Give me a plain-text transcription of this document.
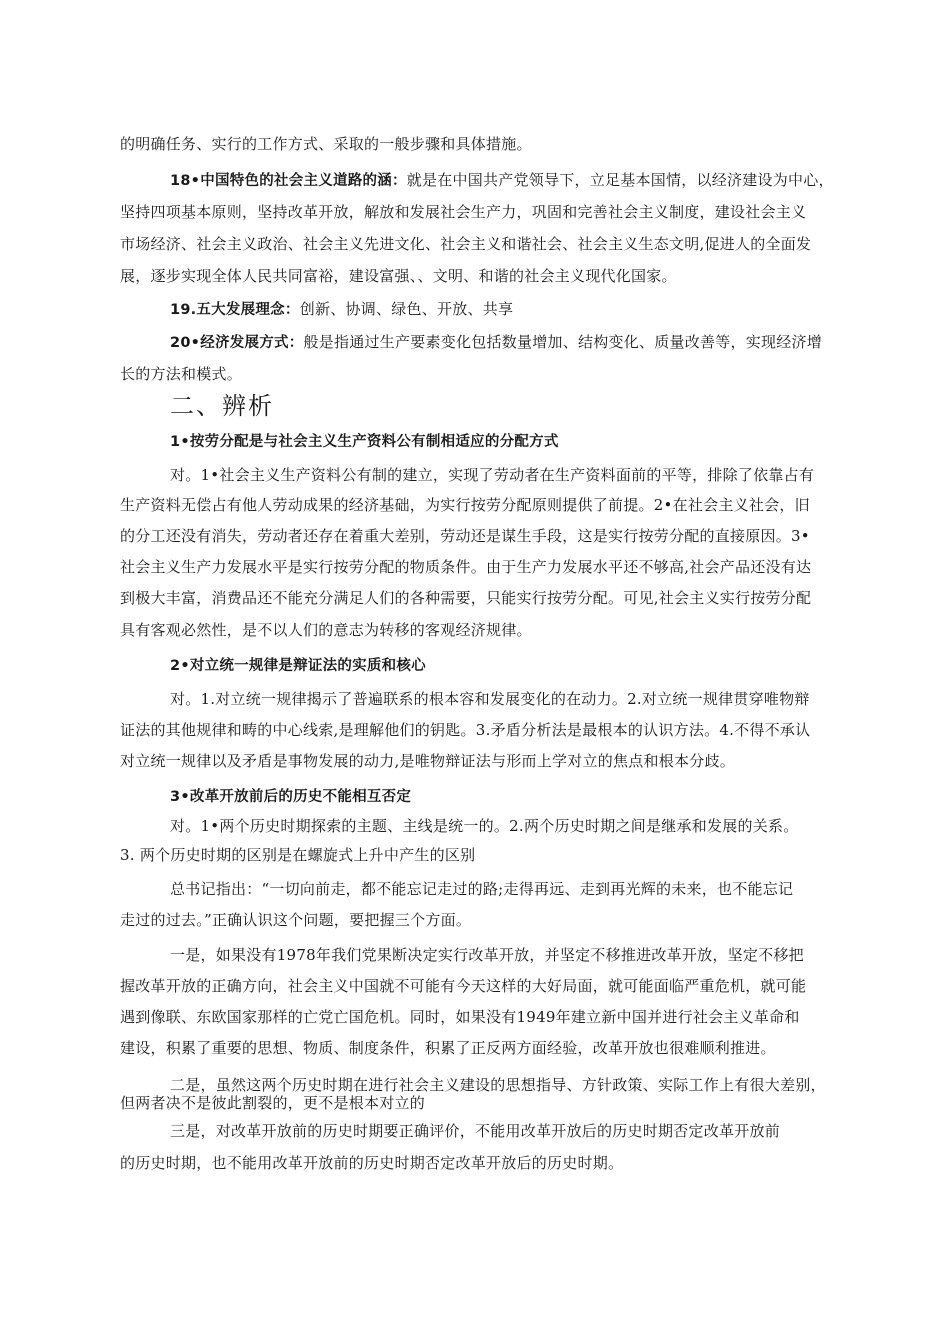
的明确任务、实行的工作方式、采取的一般步骤和具体措施。
18•中国特色的社会主义道路的涵：就是在中国共产党领导下，立足基本国情，以经济建设为中心，
坚持四项基本原则，坚持改革开放，解放和发展社会生产力，巩固和完善社会主义制度，建设社会主义
市场经济、社会主义政治、社会主义先进文化、社会主义和谐社会、社会主义生态文明,促进人的全面发
展，逐步实现全体人民共同富裕，建设富强、、文明、和谐的社会主义现代化国家。
19.五大发展理念：创新、协调、绿色、开放、共享
20•经济发展方式：般是指通过生产要素变化包括数量增加、结构变化、质量改善等，实现经济增
长的方法和模式。
二、辨析
1•按劳分配是与社会主义生产资料公有制相适应的分配方式
对。1•社会主义生产资料公有制的建立，实现了劳动者在生产资料面前的平等，排除了依靠占有
生产资料无偿占有他人劳动成果的经济基础，为实行按劳分配原则提供了前提。2•在社会主义社会，旧
的分工还没有消失，劳动者还存在着重大差别，劳动还是谋生手段，这是实行按劳分配的直接原因。3•
社会主义生产力发展水平是实行按劳分配的物质条件。由于生产力发展水平还不够高,社会产品还没有达
到极大丰富，消费品还不能充分满足人们的各种需要，只能实行按劳分配。可见,社会主义实行按劳分配
具有客观必然性，是不以人们的意志为转移的客观经济规律。
2•对立统一规律是辩证法的实质和核心
对。1.对立统一规律揭示了普遍联系的根本容和发展变化的在动力。2.对立统一规律贯穿唯物辩
证法的其他规律和畴的中心线索,是理解他们的钥匙。3.矛盾分析法是最根本的认识方法。4.不得不承认
对立统一规律以及矛盾是事物发展的动力,是唯物辩证法与形而上学对立的焦点和根本分歧。
3•改革开放前后的历史不能相互否定
对。1•两个历史时期探索的主题、主线是统一的。2.两个历史时期之间是继承和发展的关系。
3. 两个历史时期的区别是在螺旋式上升中产生的区别
总书记指出：“一切向前走，都不能忘记走过的路;走得再远、走到再光辉的未来，也不能忘记
走过的过去。”正确认识这个问题，要把握三个方面。
一是，如果没有1978年我们党果断决定实行改革开放，并坚定不移推进改革开放，坚定不移把
握改革开放的正确方向，社会主义中国就不可能有今天这样的大好局面，就可能面临严重危机，就可能
遇到像联、东欧国家那样的亡党亡国危机。同时，如果没有1949年建立新中国并进行社会主义革命和
建设，积累了重要的思想、物质、制度条件，积累了正反两方面经验，改革开放也很难顺利推进。
二是，虽然这两个历史时期在进行社会主义建设的思想指导、方针政策、实际工作上有很大差别，
但两者决不是彼此割裂的，更不是根本对立的
三是，对改革开放前的历史时期要正确评价，不能用改革开放后的历史时期否定改革开放前
的历史时期，也不能用改革开放前的历史时期否定改革开放后的历史时期。
